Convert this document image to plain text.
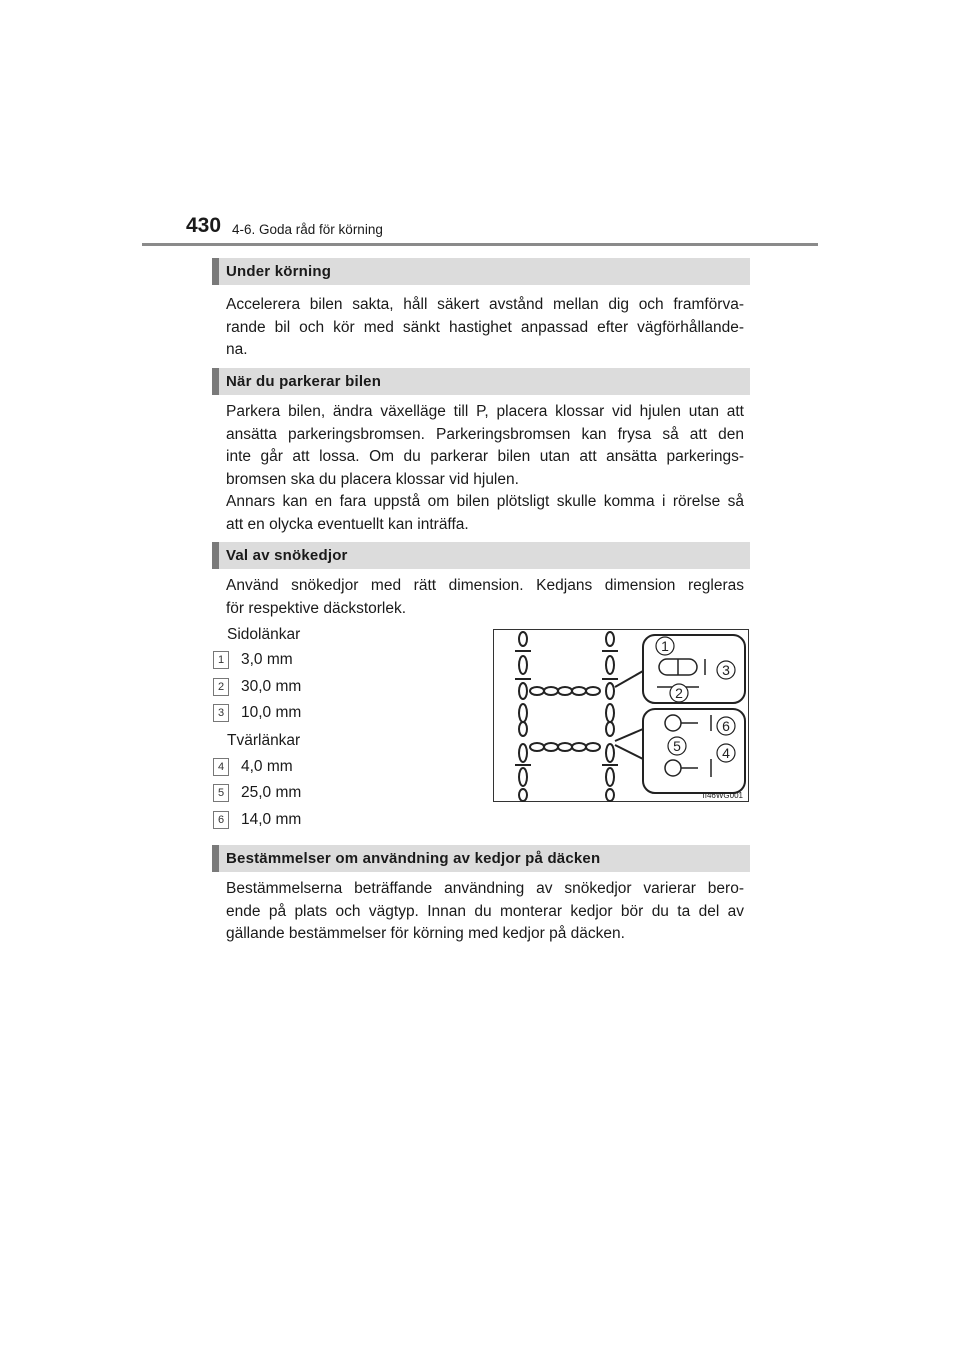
430 4-6. Goda råd för körning
Under körning
Accelerera bilen sakta, håll säkert avstånd mellan dig och framförva-
rande bil och kör med sänkt hastighet anpassad efter vägförhållande-
na.
När du parkerar bilen
Parkera bilen, ändra växelläge till P, placera klossar vid hjulen utan att
ansätta parkeringsbromsen. Parkeringsbromsen kan frysa så att den
inte går att lossa. Om du parkerar bilen utan att ansätta parkerings-
bromsen ska du placera klossar vid hjulen.
Annars kan en fara uppstå om bilen plötsligt skulle komma i rörelse så
att en olycka eventuellt kan inträffa.
Val av snökedjor
Använd snökedjor med rätt dimension. Kedjans dimension regleras
för respektive däckstorlek.
Sidolänkar
1 3,0 mm
2 30,0 mm
3 10,0 mm
Tvärlänkar
4 4,0 mm
5 25,0 mm
6 14,0 mm
1
2
3
4
5
6
II46WG001
Bestämmelser om användning av kedjor på däcken
Bestämmelserna beträffande användning av snökedjor varierar bero-
ende på plats och vägtyp. Innan du monterar kedjor bör du ta del av
gällande bestämmelser för körning med kedjor på däcken.
